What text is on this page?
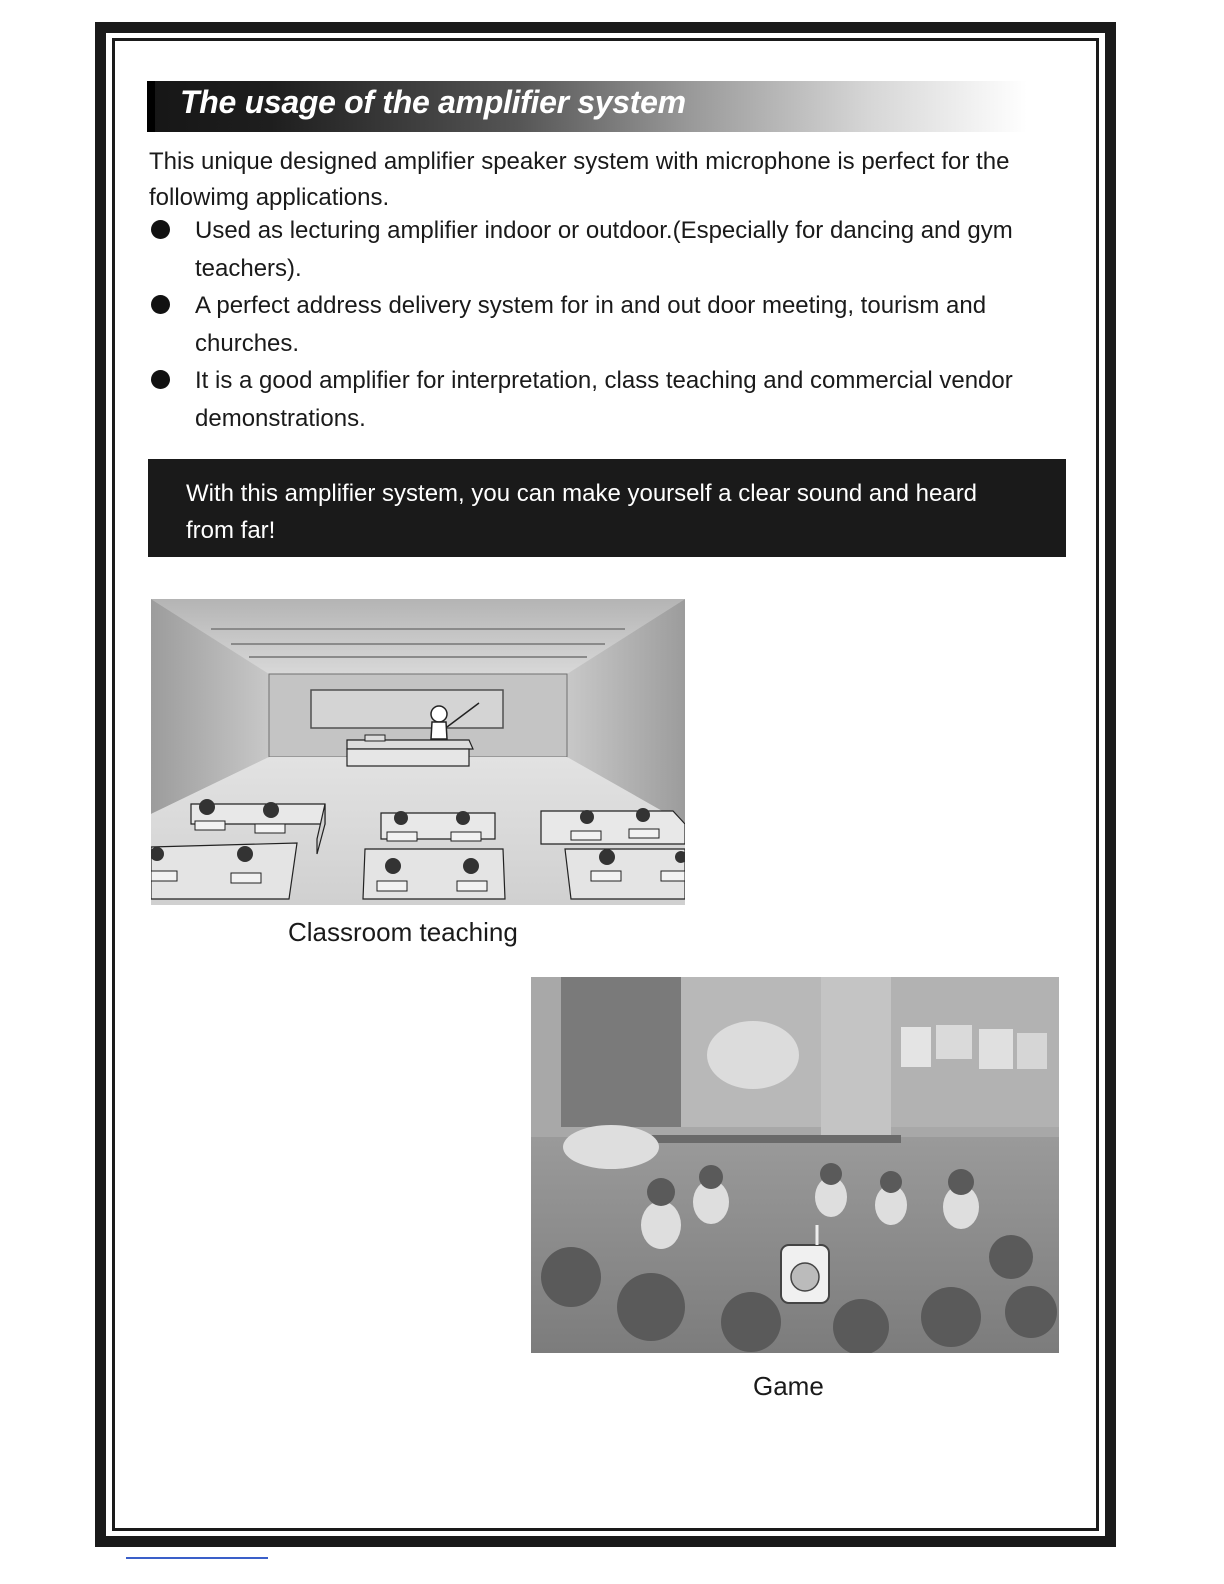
The usage of the amplifier system

This unique designed amplifier speaker system with microphone is perfect for the followimg applications.

Used as lecturing amplifier indoor or outdoor.(Especially for dancing and gym teachers).
A perfect address delivery system for in and out door meeting, tourism and churches.
It is a good amplifier for interpretation, class teaching and commercial vendor demonstrations.
With this amplifier system, you can make yourself a clear sound and heard from far!
Classroom teaching
Game
